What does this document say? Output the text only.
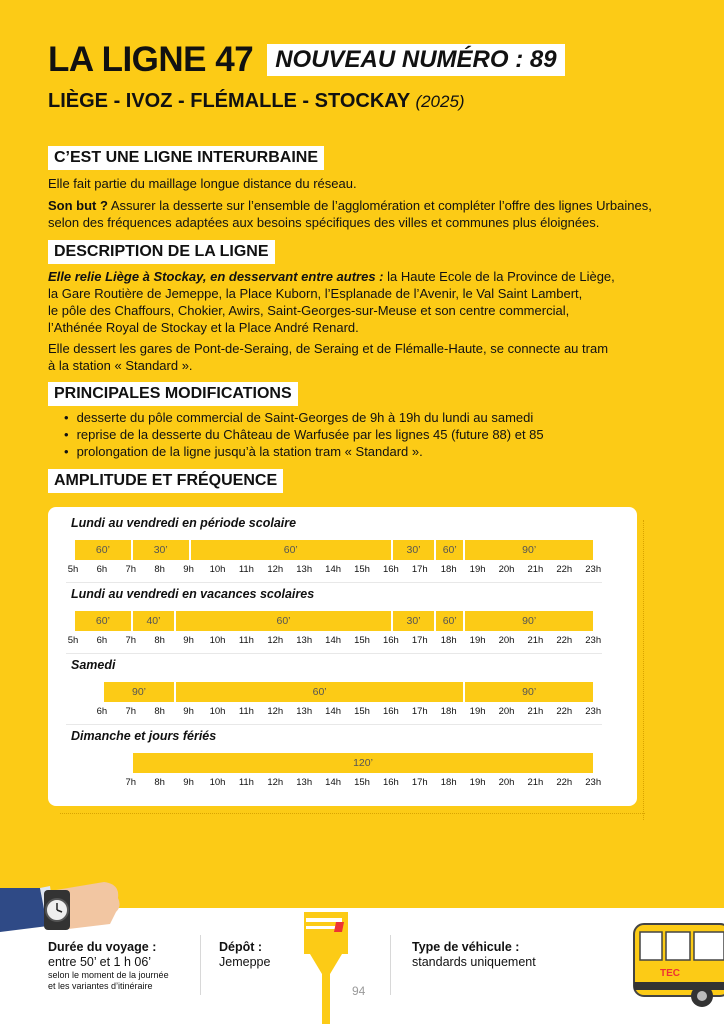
LA LIGNE 47 NOUVEAU NUMÉRO : 89
LIÈGE - IVOZ - FLÉMALLE - STOCKAY (2025)
C’EST UNE LIGNE INTERURBAINE
Elle fait partie du maillage longue distance du réseau.
Son but ? Assurer la desserte sur l’ensemble de l’agglomération et compléter l’offre des lignes Urbaines,
selon des fréquences adaptées aux besoins spécifiques des villes et communes plus éloignées.
DESCRIPTION DE LA LIGNE
Elle relie Liège à Stockay, en desservant entre autres : la Haute Ecole de la Province de Liège,
la Gare Routière de Jemeppe, la Place Kuborn, l’Esplanade de l’Avenir, le Val Saint Lambert,
le pôle des Chaffours, Chokier, Awirs, Saint-Georges-sur-Meuse et son centre commercial,
l’Athénée Royal de Stockay et la Place André Renard.
Elle dessert les gares de Pont-de-Seraing, de Seraing et de Flémalle-Haute, se connecte au tram
à la station « Standard ».
PRINCIPALES MODIFICATIONS
• desserte du pôle commercial de Saint-Georges de 9h à 19h du lundi au samedi
• reprise de la desserte du Château de Warfusée par les lignes 45 (future 88) et 85
• prolongation de la ligne jusqu’à la station tram « Standard ».
AMPLITUDE ET FRÉQUENCE
Lundi au vendredi en période scolaire
60’	30’	60’	30’	60’	90’
5h	6h	7h	8h	9h	10h	11h	12h	13h	14h	15h	16h	17h	18h	19h	20h	21h	22h	23h
Lundi au vendredi en vacances scolaires
60’	40’	60’	30’	60’	90’
5h	6h	7h	8h	9h	10h	11h	12h	13h	14h	15h	16h	17h	18h	19h	20h	21h	22h	23h
Samedi
90’	60’	90’
6h	7h	8h	9h	10h	11h	12h	13h	14h	15h	16h	17h	18h	19h	20h	21h	22h	23h
Dimanche et jours fériés
120’
7h	8h	9h	10h	11h	12h	13h	14h	15h	16h	17h	18h	19h	20h	21h	22h	23h
Durée du voyage :
entre 50’ et 1 h 06’
selon le moment de la journée
et les variantes d’itinéraire
Dépôt :
Jemeppe
94
Type de véhicule :
standards uniquement
TEC
